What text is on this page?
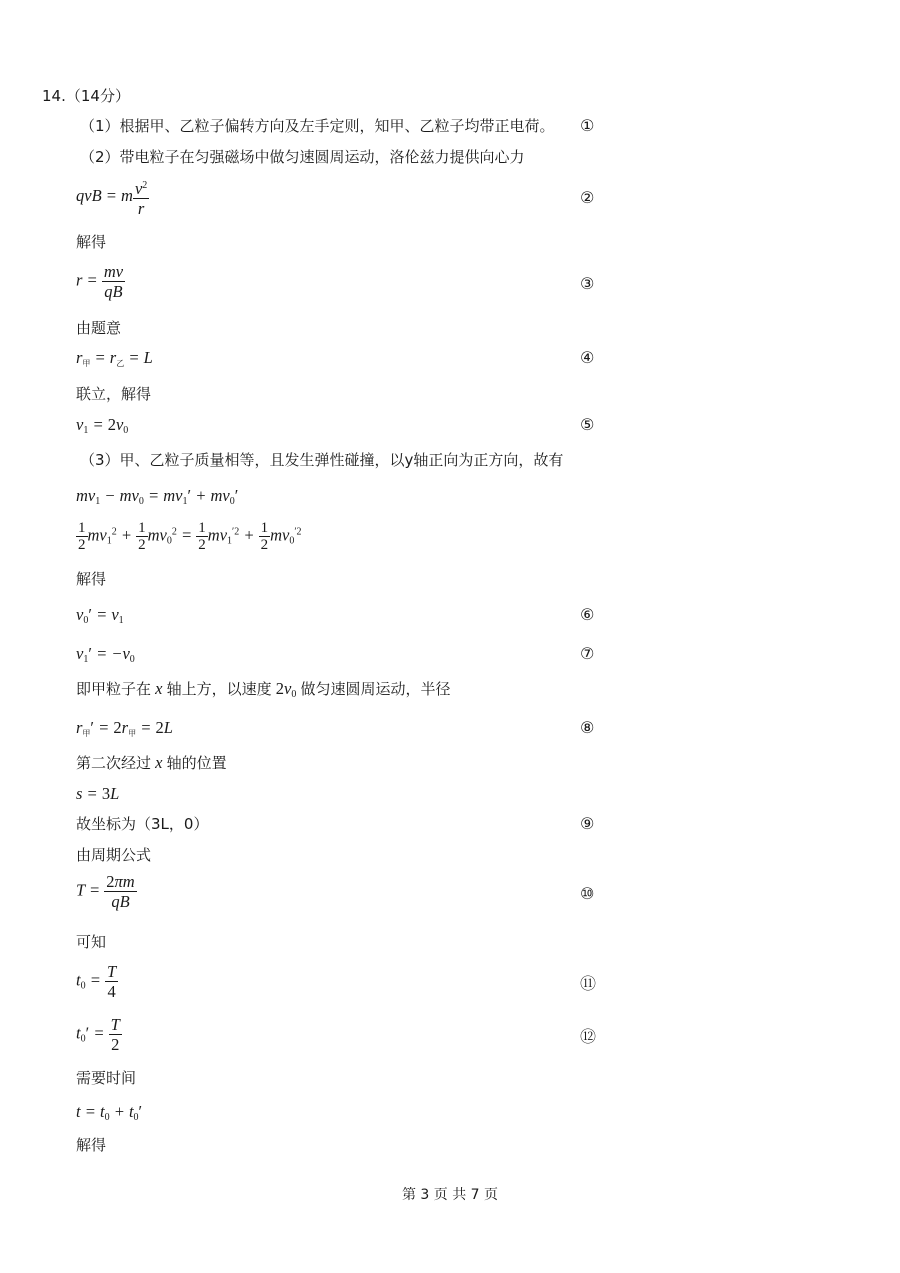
14.（14分）
（1）根据甲、乙粒子偏转方向及左手定则，知甲、乙粒子均带正电荷。 ①
（2）带电粒子在匀强磁场中做匀速圆周运动，洛伦兹力提供向心力
qvB = m $\frac{v^2}{r}$	②
解得
$r = \frac{mv}{qB}$	③
由题意
$r_甲 = r_乙 = L$	④
联立，解得
$v_1 = 2v_0$	⑤
（3）甲、乙粒子质量相等，且发生弹性碰撞，以y轴正向为正方向，故有
$mv_1 - mv_0 = mv_1' + mv_0'$
$\frac{1}{2} mv_1^2 + \frac{1}{2} mv_0^2 = \frac{1}{2} mv_1^{'2} + \frac{1}{2} mv_0^{'2}$
解得
$v_0' = v_1$	⑥
$v_1' = -v_0$	⑦
即甲粒子在 x 轴上方，以速度 $2v_0$ 做匀速圆周运动，半径
$r_甲' = 2r_甲 = 2L$	⑧
第二次经过 x 轴的位置
s = 3L
故坐标为（3L，0）	⑨
由周期公式
$T = \frac{2\pi m}{qB}$	⑩
可知
$t_0 = \frac{T}{4}$	⑪
$t_0' = \frac{T}{2}$	⑫
需要时间
$t = t_0 + t_0'$
解得
第 3 页 共 7 页
